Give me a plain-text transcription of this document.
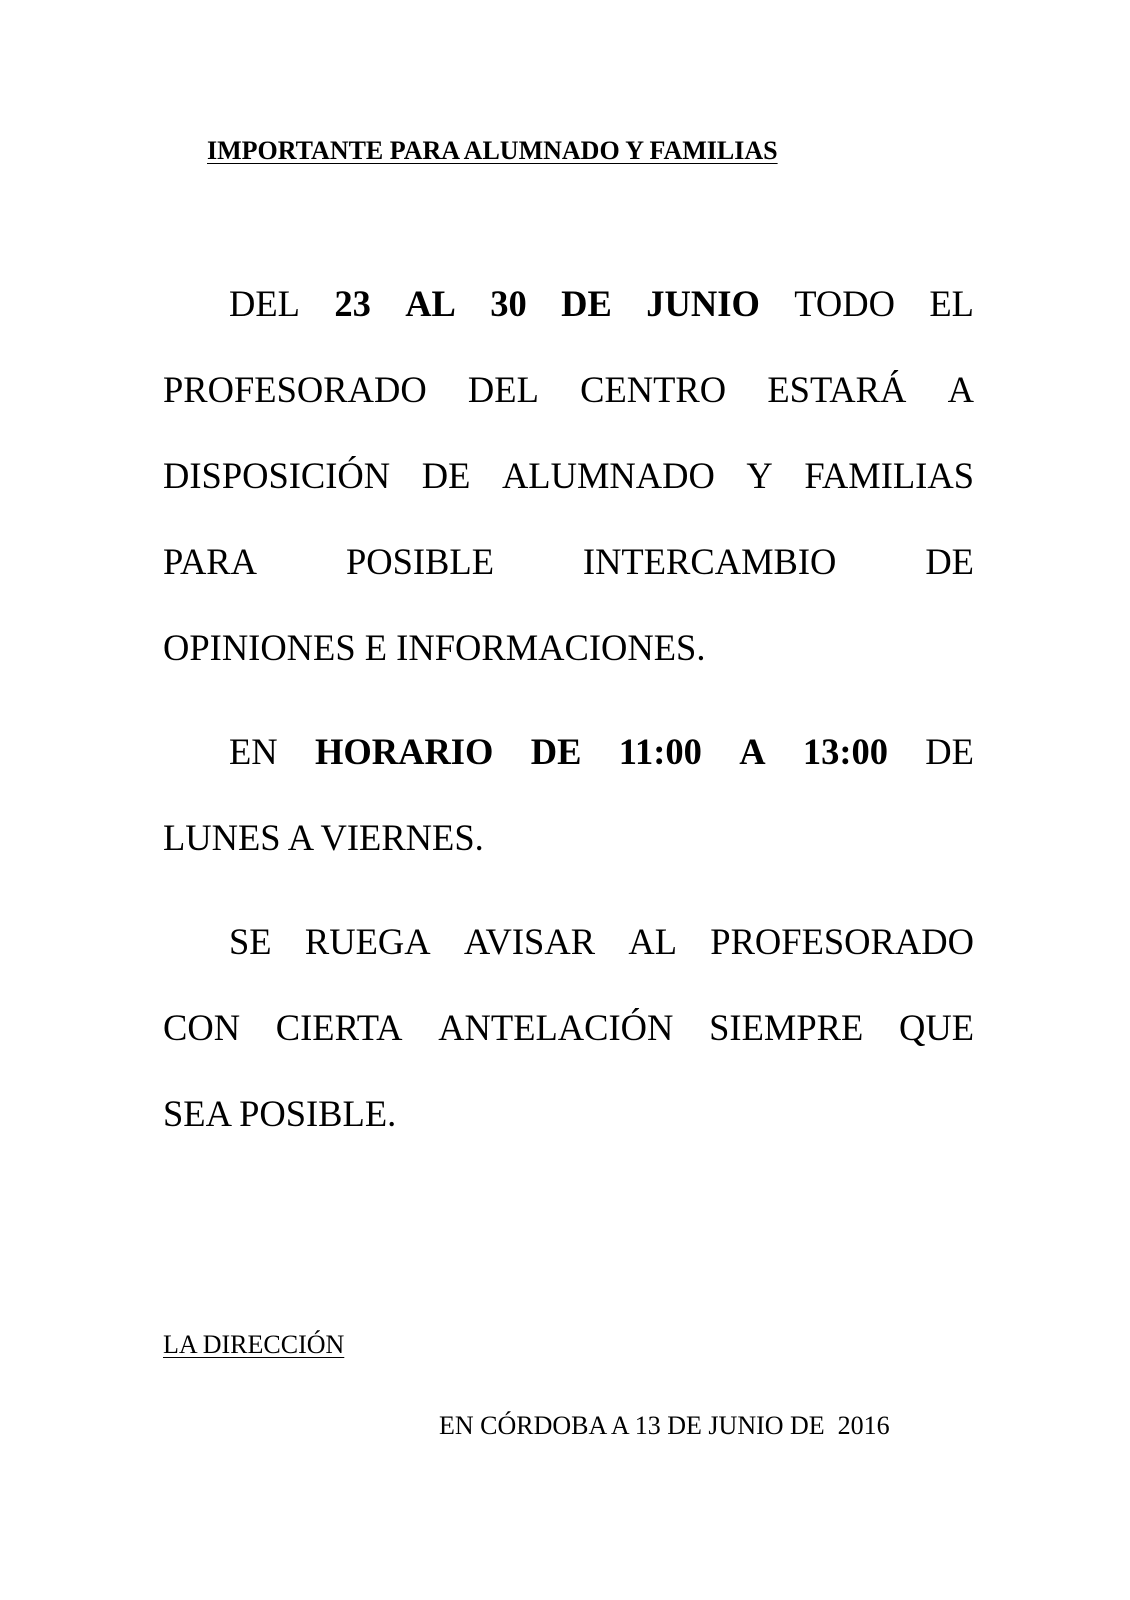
IMPORTANTE PARA ALUMNADO Y FAMILIAS
DEL 23 AL 30 DE JUNIO TODO EL
PROFESORADO DEL CENTRO ESTARÁ A
DISPOSICIÓN DE ALUMNADO Y FAMILIAS
PARA POSIBLE INTERCAMBIO DE
OPINIONES E INFORMACIONES.
EN HORARIO DE 11:00 A 13:00 DE
LUNES A VIERNES.
SE RUEGA AVISAR AL PROFESORADO
CON CIERTA ANTELACIÓN SIEMPRE QUE
SEA POSIBLE.
LA DIRECCIÓN
EN CÓRDOBA A 13 DE JUNIO DE  2016
